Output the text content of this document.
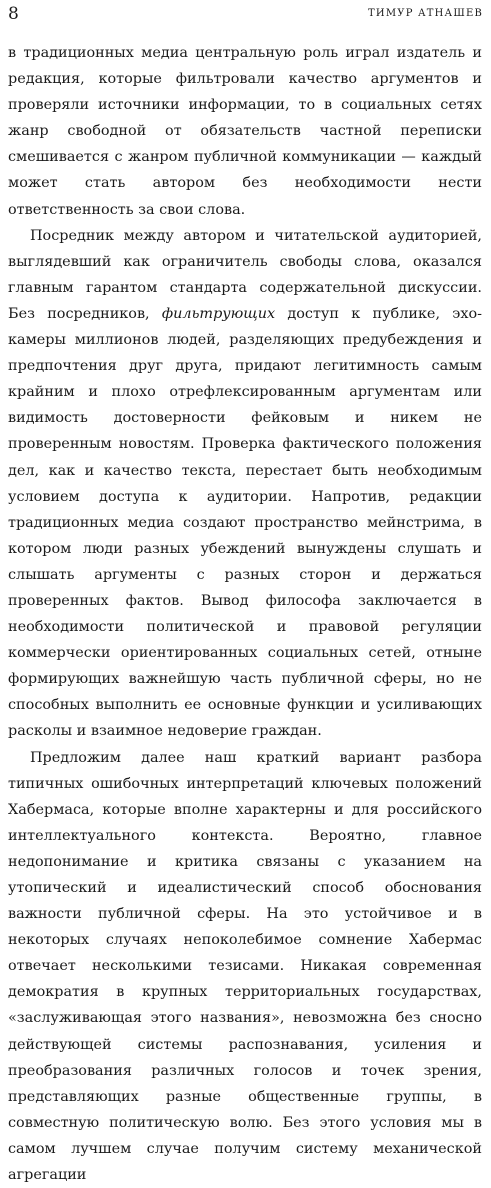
8	ТИМУР АТНАШЕВ

в традиционных медиа центральную роль играл издатель и редакция, которые фильтровали качество аргументов и проверяли источники информации, то в социальных сетях жанр свободной от обязательств частной переписки смешивается с жанром публичной коммуникации — каждый может стать автором без необходимости нести ответственность за свои слова.

Посредник между автором и читательской аудиторией, выглядевший как ограничитель свободы слова, оказался главным гарантом стандарта содержательной дискуссии. Без посредников, фильтрующих доступ к публике, эхо-камеры миллионов людей, разделяющих предубеждения и предпочтения друг друга, придают легитимность самым крайним и плохо отрефлексированным аргументам или видимость достоверности фейковым и никем не проверенным новостям. Проверка фактического положения дел, как и качество текста, перестает быть необходимым условием доступа к аудитории. Напротив, редакции традиционных медиа создают пространство мейнстрима, в котором люди разных убеждений вынуждены слушать и слышать аргументы с разных сторон и держаться проверенных фактов. Вывод философа заключается в необходимости политической и правовой регуляции коммерчески ориентированных социальных сетей, отныне формирующих важнейшую часть публичной сферы, но не способных выполнить ее основные функции и усиливающих расколы и взаимное недоверие граждан.

Предложим далее наш краткий вариант разбора типичных ошибочных интерпретаций ключевых положений Хабермаса, которые вполне характерны и для российского интеллектуального контекста. Вероятно, главное недопонимание и критика связаны с указанием на утопический и идеалистический способ обоснования важности публичной сферы. На это устойчивое и в некоторых случаях непоколебимое сомнение Хабермас отвечает несколькими тезисами. Никакая современная демократия в крупных территориальных государствах, «заслуживающая этого названия», невозможна без сносно действующей системы распознавания, усиления и преобразования различных голосов и точек зрения, представляющих разные общественные группы, в совместную политическую волю. Без этого условия мы в самом лучшем случае получим систему механической агрегации
